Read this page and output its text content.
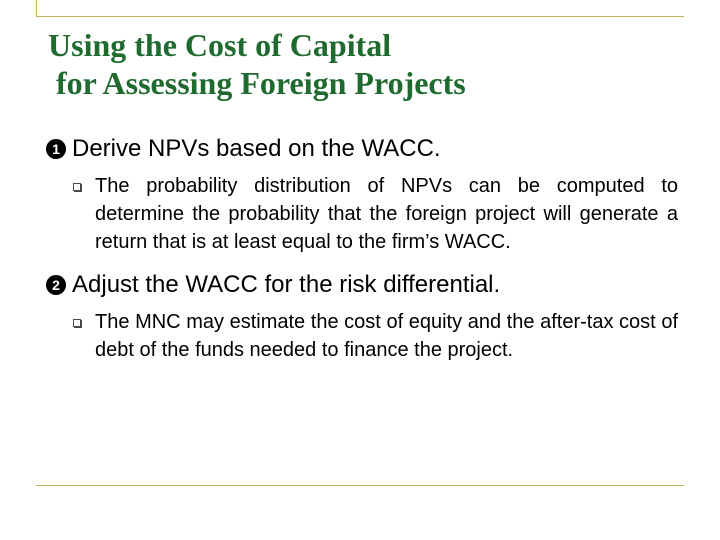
Using the Cost of Capital
for Assessing Foreign Projects
1 Derive NPVs based on the WACC.
The probability distribution of NPVs can be computed to determine the probability that the foreign project will generate a return that is at least equal to the firm’s WACC.
2 Adjust the WACC for the risk differential.
The MNC may estimate the cost of equity and the after-tax cost of debt of the funds needed to finance the project.
